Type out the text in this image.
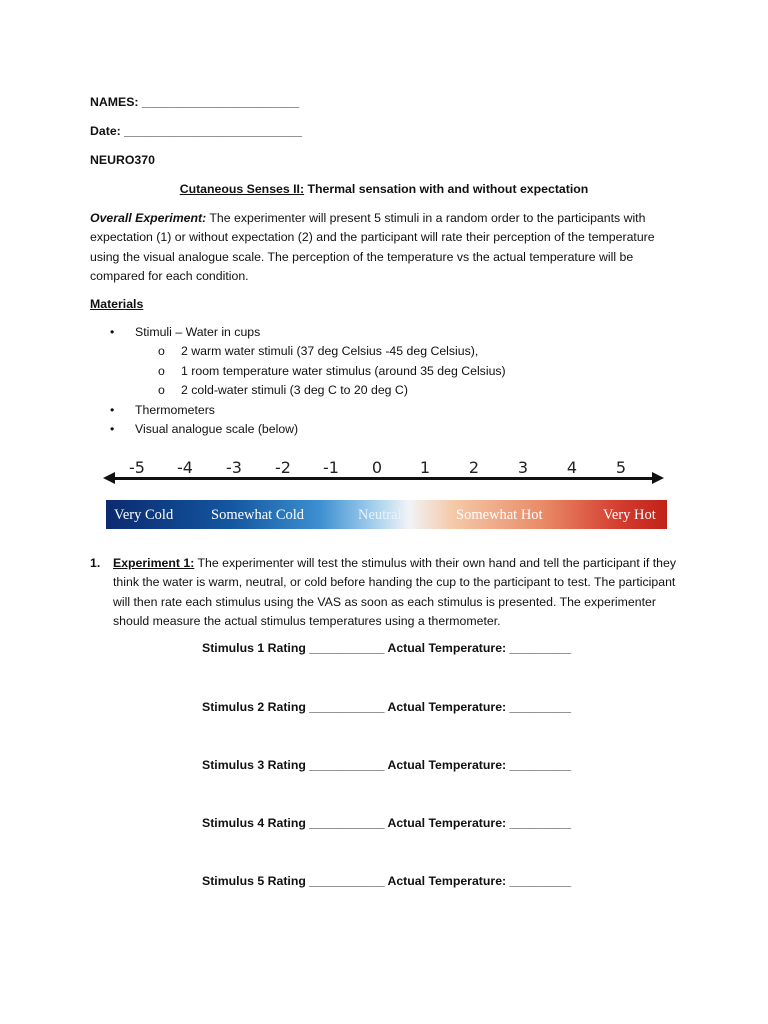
NAMES: _______________________
Date: __________________________
NEURO370
Cutaneous Senses II: Thermal sensation with and without expectation
Overall Experiment: The experimenter will present 5 stimuli in a random order to the participants with expectation (1) or without expectation (2) and the participant will rate their perception of the temperature using the visual analogue scale. The perception of the temperature vs the actual temperature will be compared for each condition.
Materials
• Stimuli – Water in cups
o 2 warm water stimuli (37 deg Celsius -45 deg Celsius),
o 1 room temperature water stimulus (around 35 deg Celsius)
o 2 cold-water stimuli (3 deg C to 20 deg C)
• Thermometers
• Visual analogue scale (below)
-5 -4 -3 -2 -1 0 1 2 3 4 5
Very Cold	Somewhat Cold	Neutral	Somewhat Hot	Very Hot
1. Experiment 1: The experimenter will test the stimulus with their own hand and tell the participant if they think the water is warm, neutral, or cold before handing the cup to the participant to test. The participant will then rate each stimulus using the VAS as soon as each stimulus is presented. The experimenter should measure the actual stimulus temperatures using a thermometer.
Stimulus 1 Rating ___________ Actual Temperature: _________
Stimulus 2 Rating ___________ Actual Temperature: _________
Stimulus 3 Rating ___________ Actual Temperature: _________
Stimulus 4 Rating ___________ Actual Temperature: _________
Stimulus 5 Rating ___________ Actual Temperature: _________
